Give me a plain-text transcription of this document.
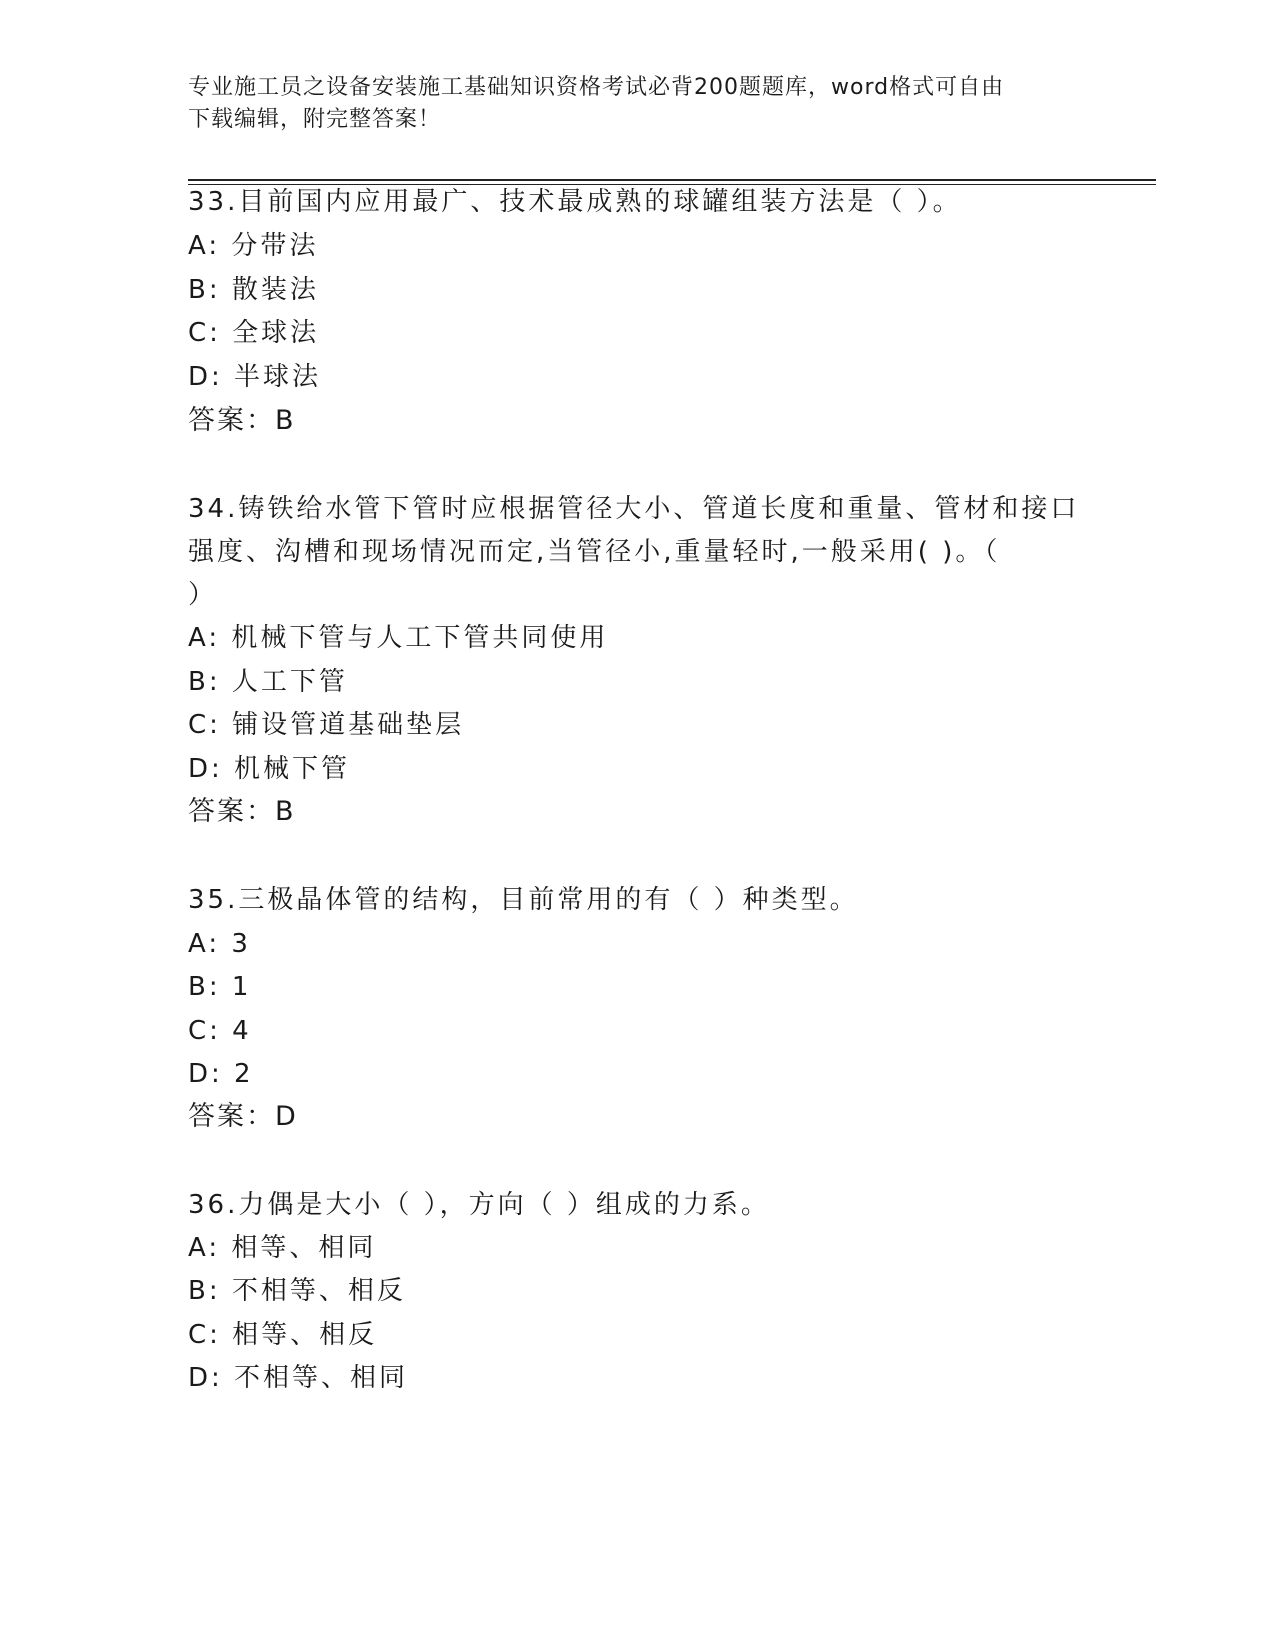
专业施工员之设备安装施工基础知识资格考试必背200题题库，word格式可自由
下载编辑，附完整答案！
33.目前国内应用最广、技术最成熟的球罐组装方法是（ ）。
A: 分带法
B: 散装法
C: 全球法
D: 半球法
答案：B
34.铸铁给水管下管时应根据管径大小、管道长度和重量、管材和接口
强度、沟槽和现场情况而定,当管径小,重量轻时,一般采用( )。（
）
A: 机械下管与人工下管共同使用
B: 人工下管
C: 铺设管道基础垫层
D: 机械下管
答案：B
35.三极晶体管的结构，目前常用的有（ ）种类型。
A: 3
B: 1
C: 4
D: 2
答案：D
36.力偶是大小（ ），方向（ ）组成的力系。
A: 相等、相同
B: 不相等、相反
C: 相等、相反
D: 不相等、相同
